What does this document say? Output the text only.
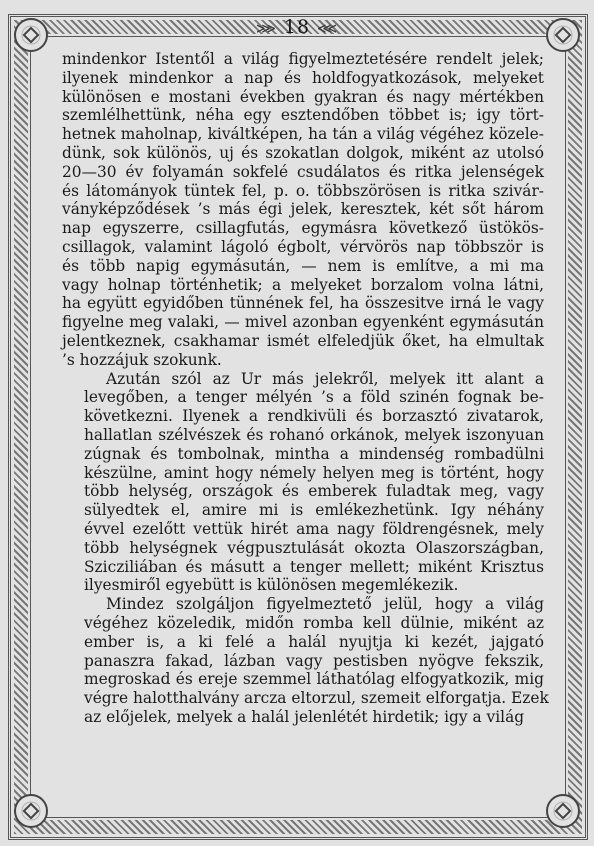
⋙ 18 ⋘

mindenkor Istentől a világ figyelmeztetésére rendelt jelek;
ilyenek mindenkor a nap és holdfogyatkozások, melyeket
különösen e mostani években gyakran és nagy mértékben
szemlélhettünk, néha egy esztendőben többet is; igy tört-
hetnek maholnap, kiváltképen, ha tán a világ végéhez közele-
dünk, sok különös, uj és szokatlan dolgok, miként az utolsó
20—30 év folyamán sokfelé csudálatos és ritka jelenségek
és látományok tüntek fel, p. o. többszörösen is ritka szivár-
ványképződések ’s más égi jelek, keresztek, két sőt három
nap egyszerre, csillagfutás, egymásra következő üstökös-
csillagok, valamint lágoló égbolt, vérvörös nap többször is
és több napig egymásután, — nem is említve, a mi ma
vagy holnap történhetik; a melyeket borzalom volna látni,
ha együtt egyidőben tünnének fel, ha összesitve irná le vagy
figyelne meg valaki, — mivel azonban egyenként egymásután
jelentkeznek, csakhamar ismét elfeledjük őket, ha elmultak
’s hozzájuk szokunk.

Azután szól az Ur más jelekről, melyek itt alant a
levegőben, a tenger mélyén ’s a föld szinén fognak be-
következni. Ilyenek a rendkivüli és borzasztó zivatarok,
hallatlan szélvészek és rohanó orkánok, melyek iszonyuan
zúgnak és tombolnak, mintha a mindenség rombadülni
készülne, amint hogy némely helyen meg is történt, hogy
több helység, országok és emberek fuladtak meg, vagy
sülyedtek el, amire mi is emlékezhetünk. Igy néhány
évvel ezelőtt vettük hirét ama nagy földrengésnek, mely
több helységnek végpusztulását okozta Olaszországban,
Szicziliában és másutt a tenger mellett; miként Krisztus
ilyesmiről egyebütt is különösen megemlékezik.

Mindez szolgáljon figyelmeztető jelül, hogy a világ
végéhez közeledik, midőn romba kell dülnie, miként az
ember is, a ki felé a halál nyujtja ki kezét, jajgató
panaszra fakad, lázban vagy pestisben nyögve fekszik,
megroskad és ereje szemmel láthatólag elfogyatkozik, mig
végre halotthalvány arcza eltorzul, szemeit elforgatja. Ezek
az előjelek, melyek a halál jelenlétét hirdetik; igy a világ
